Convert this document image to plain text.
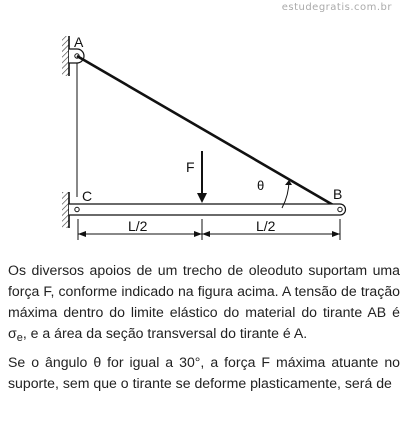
estudegratis.com.br
A
B
C
F
θ
L/2	L/2

Os diversos apoios de um trecho de oleoduto suportam uma força F, conforme indicado na figura acima. A tensão de tração máxima dentro do limite elástico do material do tirante AB é $\sigma_e$, e a área da seção transversal do tirante é A.

Se o ângulo θ for igual a 30°, a força F máxima atuante no suporte, sem que o tirante se deforme plasticamente, será de
